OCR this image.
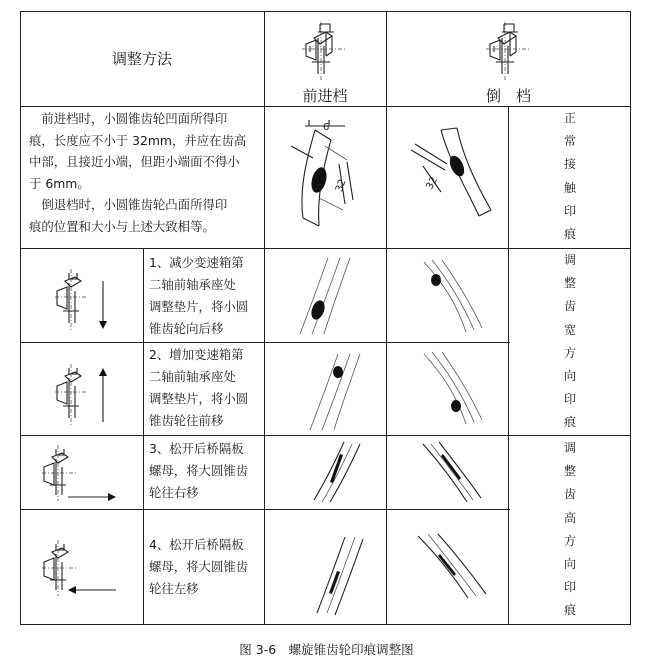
调整方法
前进档	倒　档
　前进档时，小圆锥齿轮凹面所得印
痕，长度应不小于 32mm，并应在齿高
中部，且接近小端，但距小端面不得小
于 6mm。
　倒退档时，小圆锥齿轮凸面所得印
痕的位置和大小与上述大致相等。
正
常
接
触
印
痕
调
整
齿
宽
方
向
印
痕
调
整
齿
高
方
向
印
痕
6
32	32
1、减少变速箱第
二轴前轴承座处
调整垫片，将小圆
锥齿轮向后移
2、增加变速箱第
二轴前轴承座处
调整垫片，将小圆
锥齿轮往前移
3、松开后桥隔板
螺母，将大圆锥齿
轮往右移
4、松开后桥隔板
螺母，将大圆锥齿
轮往左移
图 3-6　螺旋锥齿轮印痕调整图
